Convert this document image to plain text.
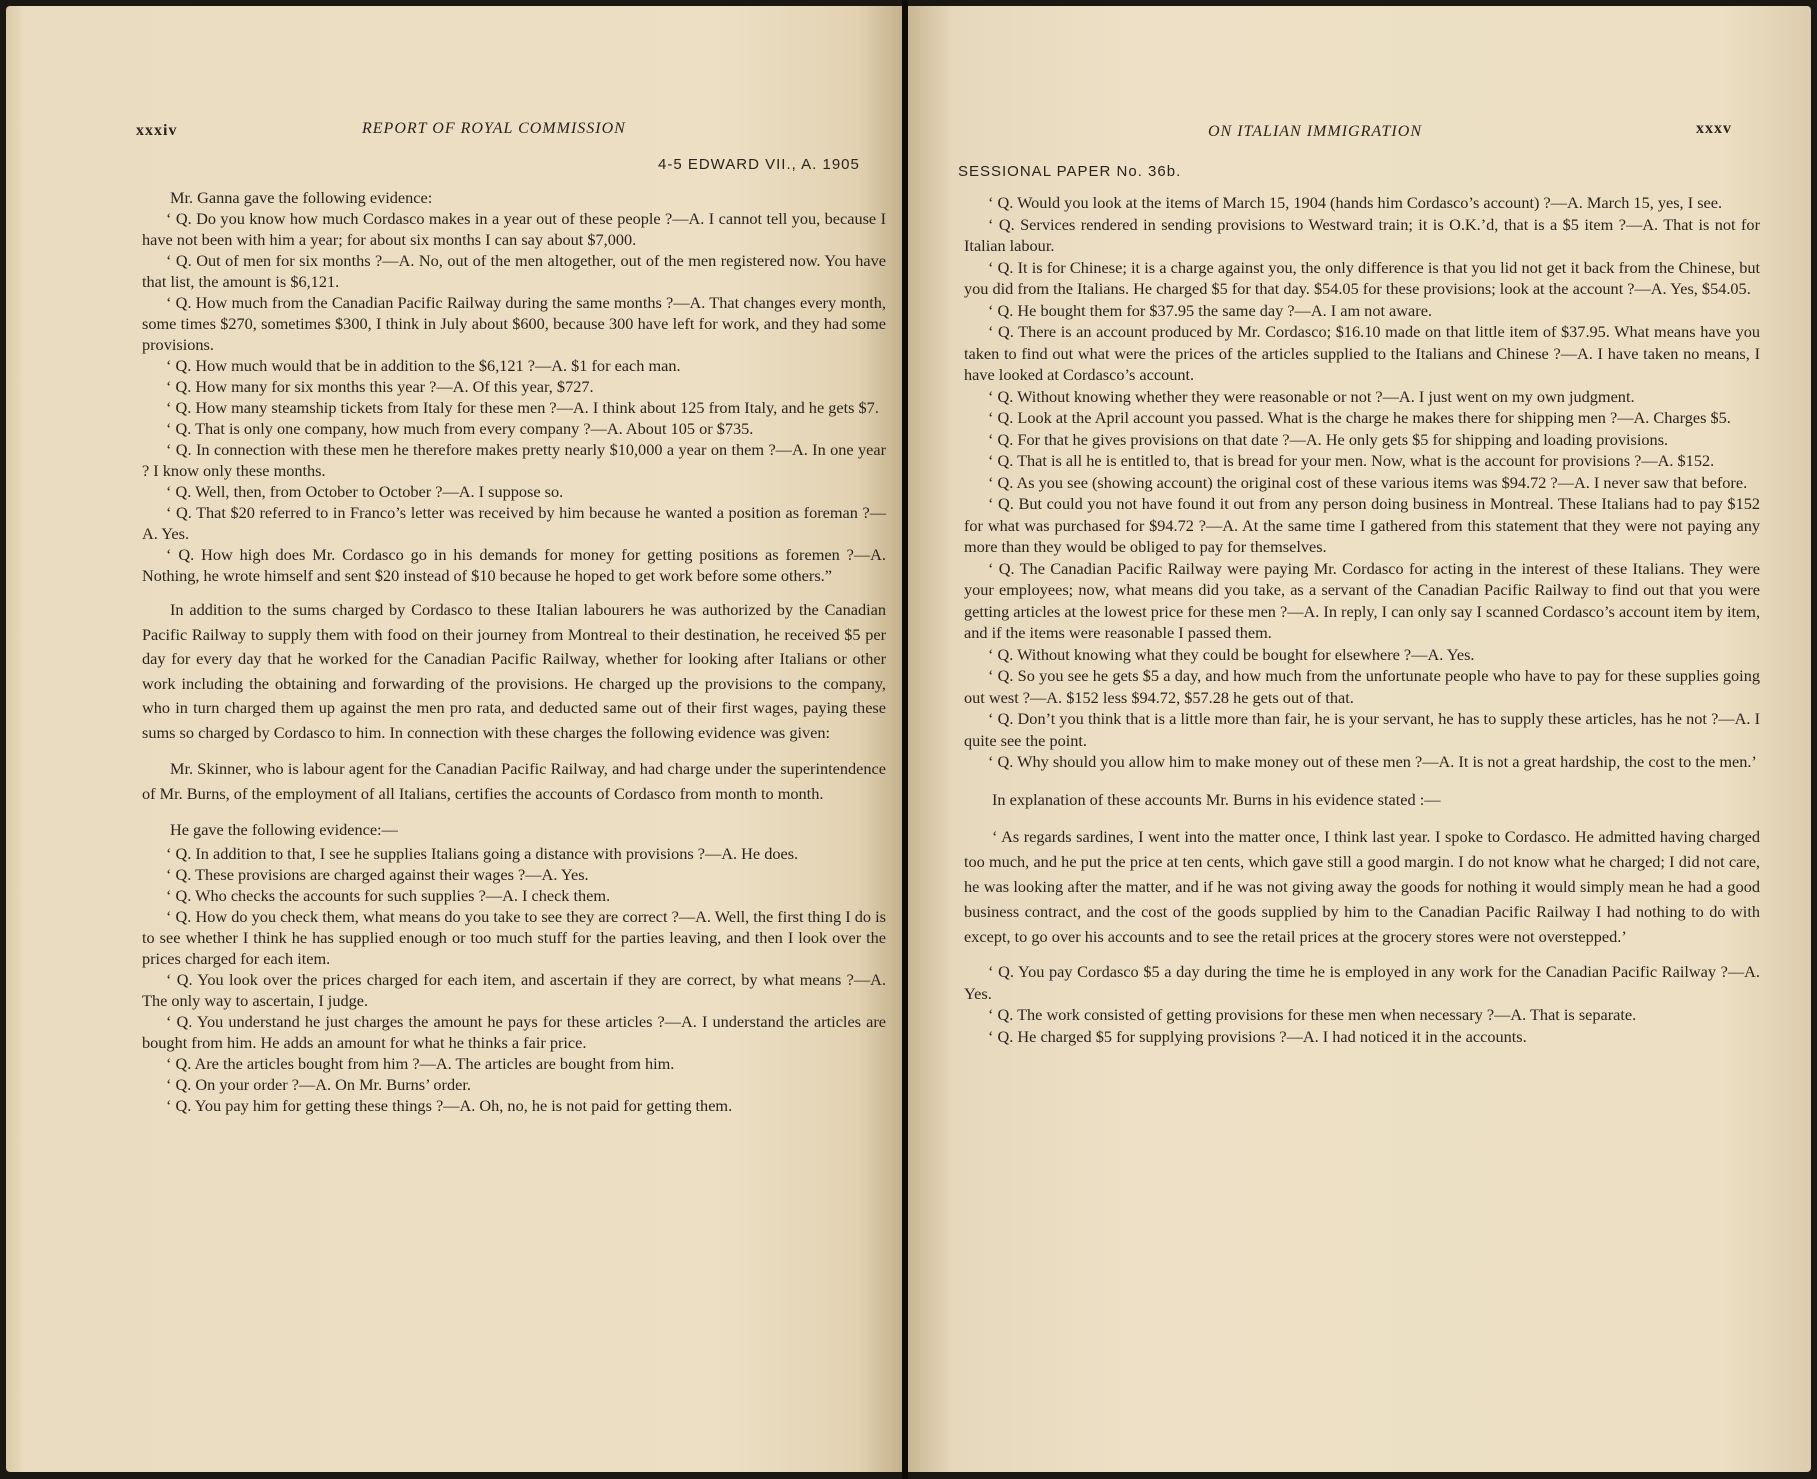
xxxiv	REPORT OF ROYAL COMMISSION
4-5 EDWARD VII., A. 1905

Mr. Ganna gave the following evidence:

‘ Q. Do you know how much Cordasco makes in a year out of these people ?—A. I cannot tell you, because I have not been with him a year; for about six months I can say about $7,000.

‘ Q. Out of men for six months ?—A. No, out of the men altogether, out of the men registered now. You have that list, the amount is $6,121.

‘ Q. How much from the Canadian Pacific Railway during the same months ?—A. That changes every month, some times $270, sometimes $300, I think in July about $600, because 300 have left for work, and they had some provisions.

‘ Q. How much would that be in addition to the $6,121 ?—A. $1 for each man.

‘ Q. How many for six months this year ?—A. Of this year, $727.

‘ Q. How many steamship tickets from Italy for these men ?—A. I think about 125 from Italy, and he gets $7.

‘ Q. That is only one company, how much from every company ?—A. About 105 or $735.

‘ Q. In connection with these men he therefore makes pretty nearly $10,000 a year on them ?—A. In one year ? I know only these months.

‘ Q. Well, then, from October to October ?—A. I suppose so.

‘ Q. That $20 referred to in Franco’s letter was received by him because he wanted a position as foreman ?—A. Yes.

‘ Q. How high does Mr. Cordasco go in his demands for money for getting positions as foremen ?—A. Nothing, he wrote himself and sent $20 instead of $10 because he hoped to get work before some others.”

In addition to the sums charged by Cordasco to these Italian labourers he was authorized by the Canadian Pacific Railway to supply them with food on their journey from Montreal to their destination, he received $5 per day for every day that he worked for the Canadian Pacific Railway, whether for looking after Italians or other work including the obtaining and forwarding of the provisions. He charged up the provisions to the company, who in turn charged them up against the men pro rata, and deducted same out of their first wages, paying these sums so charged by Cordasco to him. In connection with these charges the following evidence was given:

Mr. Skinner, who is labour agent for the Canadian Pacific Railway, and had charge under the superintendence of Mr. Burns, of the employment of all Italians, certifies the accounts of Cordasco from month to month.

He gave the following evidence:—

‘ Q. In addition to that, I see he supplies Italians going a distance with provisions ?—A. He does.

‘ Q. These provisions are charged against their wages ?—A. Yes.

‘ Q. Who checks the accounts for such supplies ?—A. I check them.

‘ Q. How do you check them, what means do you take to see they are correct ?—A. Well, the first thing I do is to see whether I think he has supplied enough or too much stuff for the parties leaving, and then I look over the prices charged for each item.

‘ Q. You look over the prices charged for each item, and ascertain if they are correct, by what means ?—A. The only way to ascertain, I judge.

‘ Q. You understand he just charges the amount he pays for these articles ?—A. I understand the articles are bought from him. He adds an amount for what he thinks a fair price.

‘ Q. Are the articles bought from him ?—A. The articles are bought from him.

‘ Q. On your order ?—A. On Mr. Burns’ order.

‘ Q. You pay him for getting these things ?—A. Oh, no, he is not paid for getting them.

ON ITALIAN IMMIGRATION	xxxv
SESSIONAL PAPER No. 36b.

‘ Q. Would you look at the items of March 15, 1904 (hands him Cordasco’s account) ?—A. March 15, yes, I see.

‘ Q. Services rendered in sending provisions to Westward train; it is O.K.’d, that is a $5 item ?—A. That is not for Italian labour.

‘ Q. It is for Chinese; it is a charge against you, the only difference is that you lid not get it back from the Chinese, but you did from the Italians. He charged $5 for that day. $54.05 for these provisions; look at the account ?—A. Yes, $54.05.

‘ Q. He bought them for $37.95 the same day ?—A. I am not aware.

‘ Q. There is an account produced by Mr. Cordasco; $16.10 made on that little item of $37.95. What means have you taken to find out what were the prices of the articles supplied to the Italians and Chinese ?—A. I have taken no means, I have looked at Cordasco’s account.

‘ Q. Without knowing whether they were reasonable or not ?—A. I just went on my own judgment.

‘ Q. Look at the April account you passed. What is the charge he makes there for shipping men ?—A. Charges $5.

‘ Q. For that he gives provisions on that date ?—A. He only gets $5 for shipping and loading provisions.

‘ Q. That is all he is entitled to, that is bread for your men. Now, what is the account for provisions ?—A. $152.

‘ Q. As you see (showing account) the original cost of these various items was $94.72 ?—A. I never saw that before.

‘ Q. But could you not have found it out from any person doing business in Montreal. These Italians had to pay $152 for what was purchased for $94.72 ?—A. At the same time I gathered from this statement that they were not paying any more than they would be obliged to pay for themselves.

‘ Q. The Canadian Pacific Railway were paying Mr. Cordasco for acting in the interest of these Italians. They were your employees; now, what means did you take, as a servant of the Canadian Pacific Railway to find out that you were getting articles at the lowest price for these men ?—A. In reply, I can only say I scanned Cordasco’s account item by item, and if the items were reasonable I passed them.

‘ Q. Without knowing what they could be bought for elsewhere ?—A. Yes.

‘ Q. So you see he gets $5 a day, and how much from the unfortunate people who have to pay for these supplies going out west ?—A. $152 less $94.72, $57.28 he gets out of that.

‘ Q. Don’t you think that is a little more than fair, he is your servant, he has to supply these articles, has he not ?—A. I quite see the point.

‘ Q. Why should you allow him to make money out of these men ?—A. It is not a great hardship, the cost to the men.’

In explanation of these accounts Mr. Burns in his evidence stated :—

‘ As regards sardines, I went into the matter once, I think last year. I spoke to Cordasco. He admitted having charged too much, and he put the price at ten cents, which gave still a good margin. I do not know what he charged; I did not care, he was looking after the matter, and if he was not giving away the goods for nothing it would simply mean he had a good business contract, and the cost of the goods supplied by him to the Canadian Pacific Railway I had nothing to do with except, to go over his accounts and to see the retail prices at the grocery stores were not overstepped.’

‘ Q. You pay Cordasco $5 a day during the time he is employed in any work for the Canadian Pacific Railway ?—A. Yes.

‘ Q. The work consisted of getting provisions for these men when necessary ?—A. That is separate.

‘ Q. He charged $5 for supplying provisions ?—A. I had noticed it in the accounts.
